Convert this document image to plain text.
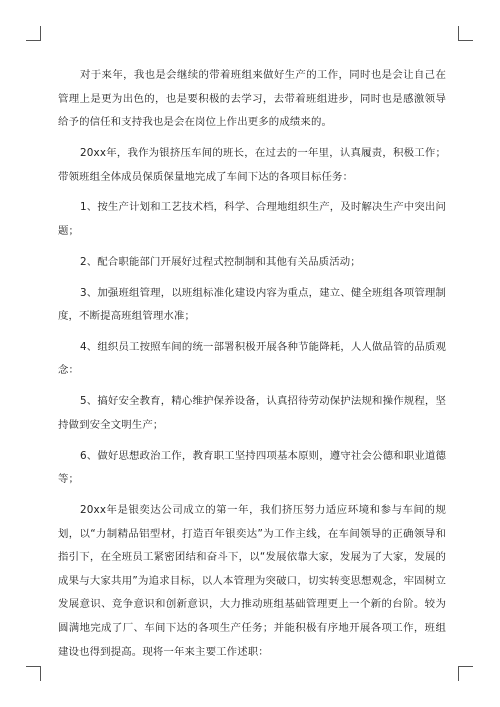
对于来年，我也是会继续的带着班组来做好生产的工作，同时也是会让自己在管理上是更为出色的，也是要积极的去学习，去带着班组进步，同时也是感激领导给予的信任和支持我也是会在岗位上作出更多的成绩来的。

20xx年，我作为银挤压车间的班长，在过去的一年里，认真履责，积极工作；带领班组全体成员保质保量地完成了车间下达的各项目标任务：

1、按生产计划和工艺技术档，科学、合理地组织生产，及时解决生产中突出问题；

2、配合职能部门开展好过程式控制制和其他有关品质活动；

3、加强班组管理，以班组标准化建设内容为重点，建立、健全班组各项管理制度，不断提高班组管理水准；

4、组织员工按照车间的统一部署积极开展各种节能降耗，人人做品管的品质观念：

5、搞好安全教育，精心维护保养设备，认真招待劳动保护法规和操作规程，坚持做到安全文明生产；

6、做好思想政治工作，教育职工坚持四项基本原则，遵守社会公德和职业道德等；

20xx年是银奕达公司成立的第一年，我们挤压努力适应环境和参与车间的规划，以“力制精品铝型材，打造百年银奕达”为工作主线，在车间领导的正确领导和指引下，在全班员工紧密团结和奋斗下，以“发展依靠大家，发展为了大家，发展的成果与大家共用”为追求目标，以人本管理为突破口，切实转变思想观念，牢固树立发展意识、竞争意识和创新意识，大力推动班组基础管理更上一个新的台阶。较为圆满地完成了厂、车间下达的各项生产任务；并能积极有序地开展各项工作，班组建设也得到提高。现将一年来主要工作述职：
